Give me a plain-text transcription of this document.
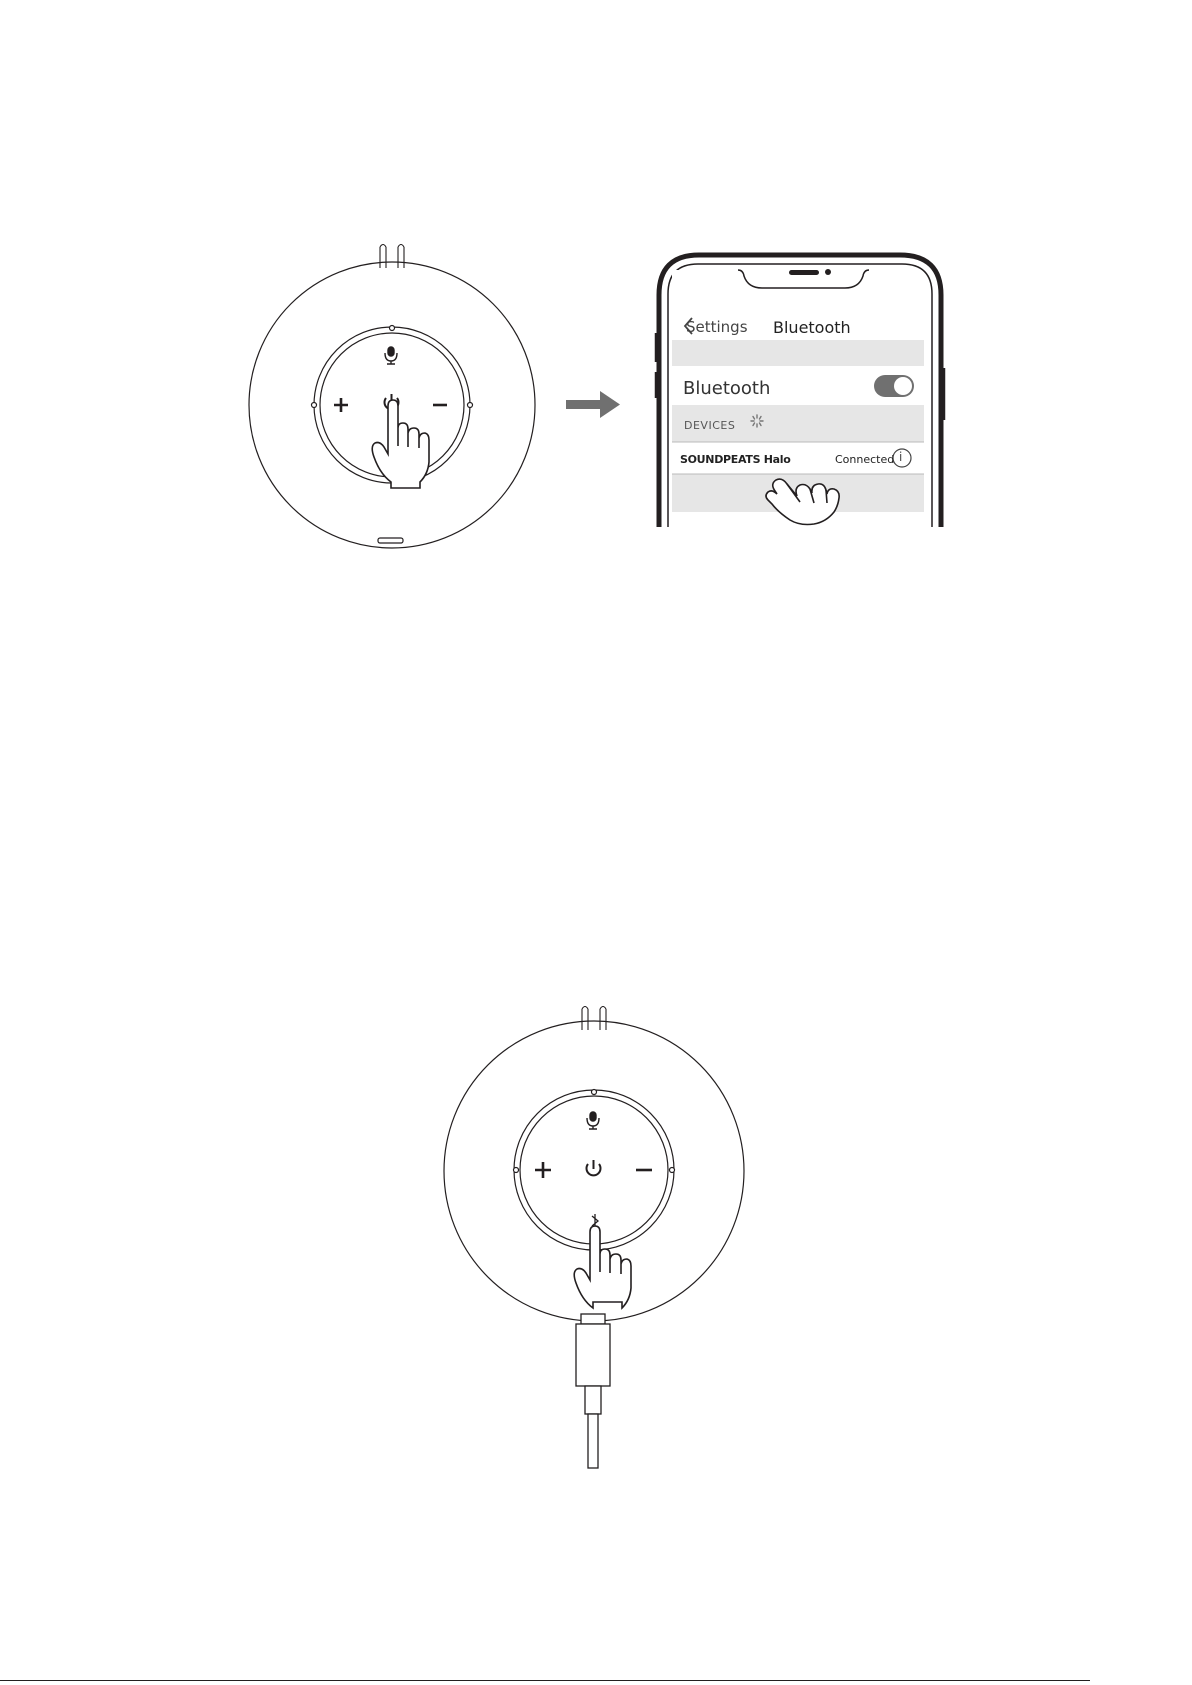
Settings Bluetooth
Bluetooth
DEVICES
SOUNDPEATS Halo	Connected i
